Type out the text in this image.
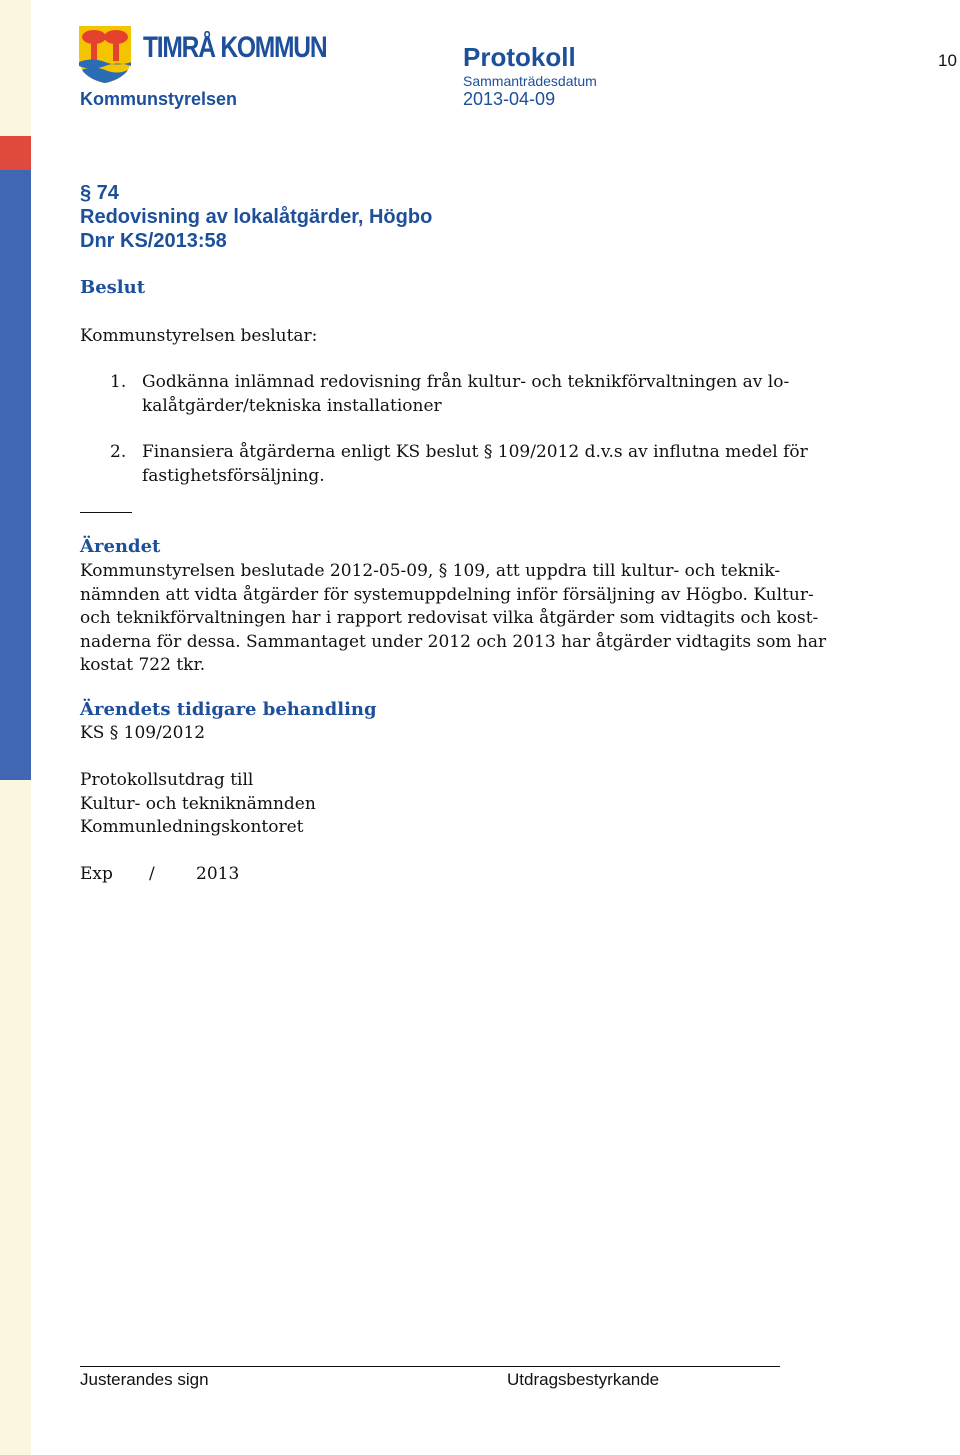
TIMRÅ KOMMUN
Kommunstyrelsen
Protokoll
Sammanträdesdatum
2013-04-09
10
§ 74
Redovisning av lokalåtgärder, Högbo
Dnr KS/2013:58
Beslut
Kommunstyrelsen beslutar:
1. Godkänna inlämnad redovisning från kultur- och teknikförvaltningen av lo-
kalåtgärder/tekniska installationer
2. Finansiera åtgärderna enligt KS beslut § 109/2012 d.v.s av influtna medel för
fastighetsförsäljning.
Ärendet
Kommunstyrelsen beslutade 2012-05-09, § 109, att uppdra till kultur- och teknik-
nämnden att vidta åtgärder för systemuppdelning inför försäljning av Högbo. Kultur-
och teknikförvaltningen har i rapport redovisat vilka åtgärder som vidtagits och kost-
naderna för dessa. Sammantaget under 2012 och 2013 har åtgärder vidtagits som har
kostat 722 tkr.
Ärendets tidigare behandling
KS § 109/2012
Protokollsutdrag till
Kultur- och tekniknämnden
Kommunledningskontoret
Exp / 2013
Justerandes sign	Utdragsbestyrkande
